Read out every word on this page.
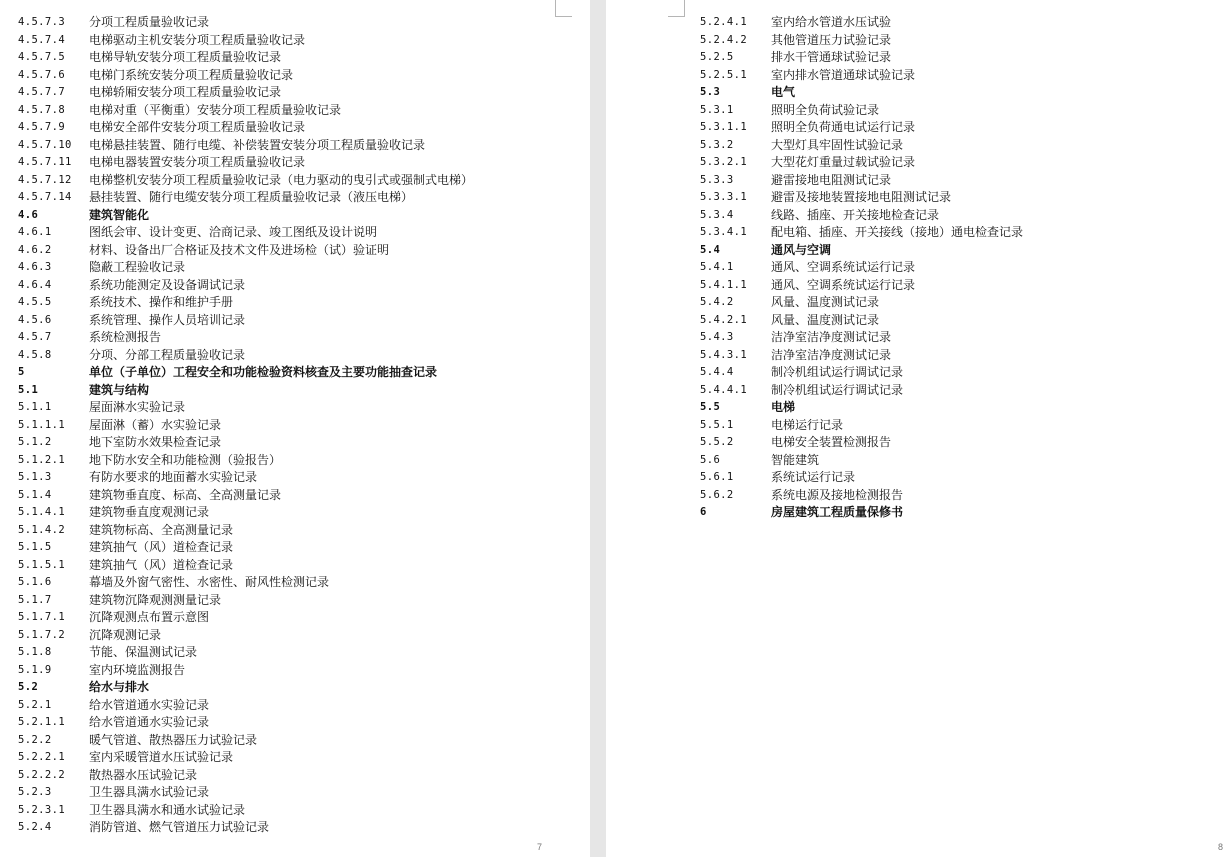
4.5.7.3	分项工程质量验收记录
4.5.7.4	电梯驱动主机安装分项工程质量验收记录
4.5.7.5	电梯导轨安装分项工程质量验收记录
4.5.7.6	电梯门系统安装分项工程质量验收记录
4.5.7.7	电梯轿厢安装分项工程质量验收记录
4.5.7.8	电梯对重（平衡重）安装分项工程质量验收记录
4.5.7.9	电梯安全部件安装分项工程质量验收记录
4.5.7.10	电梯悬挂装置、随行电缆、补偿装置安装分项工程质量验收记录
4.5.7.11	电梯电器装置安装分项工程质量验收记录
4.5.7.12	电梯整机安装分项工程质量验收记录（电力驱动的曳引式或强制式电梯）
4.5.7.14	悬挂装置、随行电缆安装分项工程质量验收记录（液压电梯）
4.6	建筑智能化
4.6.1	图纸会审、设计变更、洽商记录、竣工图纸及设计说明
4.6.2	材料、设备出厂合格证及技术文件及进场检（试）验证明
4.6.3	隐蔽工程验收记录
4.6.4	系统功能测定及设备调试记录
4.5.5	系统技术、操作和维护手册
4.5.6	系统管理、操作人员培训记录
4.5.7	系统检测报告
4.5.8	分项、分部工程质量验收记录
5	单位（子单位）工程安全和功能检验资料核查及主要功能抽查记录
5.1	建筑与结构
5.1.1	屋面淋水实验记录
5.1.1.1	屋面淋（蓄）水实验记录
5.1.2	地下室防水效果检查记录
5.1.2.1	地下防水安全和功能检测（验报告）
5.1.3	有防水要求的地面蓄水实验记录
5.1.4	建筑物垂直度、标高、全高测量记录
5.1.4.1	建筑物垂直度观测记录
5.1.4.2	建筑物标高、全高测量记录
5.1.5	建筑抽气（风）道检查记录
5.1.5.1	建筑抽气（风）道检查记录
5.1.6	幕墙及外窗气密性、水密性、耐风性检测记录
5.1.7	建筑物沉降观测测量记录
5.1.7.1	沉降观测点布置示意图
5.1.7.2	沉降观测记录
5.1.8	节能、保温测试记录
5.1.9	室内环境监测报告
5.2	给水与排水
5.2.1	给水管道通水实验记录
5.2.1.1	给水管道通水实验记录
5.2.2	暖气管道、散热器压力试验记录
5.2.2.1	室内采暖管道水压试验记录
5.2.2.2	散热器水压试验记录
5.2.3	卫生器具满水试验记录
5.2.3.1	卫生器具满水和通水试验记录
5.2.4	消防管道、燃气管道压力试验记录
7
5.2.4.1	室内给水管道水压试验
5.2.4.2	其他管道压力试验记录
5.2.5	排水干管通球试验记录
5.2.5.1	室内排水管道通球试验记录
5.3	电气
5.3.1	照明全负荷试验记录
5.3.1.1	照明全负荷通电试运行记录
5.3.2	大型灯具牢固性试验记录
5.3.2.1	大型花灯重量过载试验记录
5.3.3	避雷接地电阻测试记录
5.3.3.1	避雷及接地装置接地电阻测试记录
5.3.4	线路、插座、开关接地检查记录
5.3.4.1	配电箱、插座、开关接线（接地）通电检查记录
5.4	通风与空调
5.4.1	通风、空调系统试运行记录
5.4.1.1	通风、空调系统试运行记录
5.4.2	风量、温度测试记录
5.4.2.1	风量、温度测试记录
5.4.3	洁净室洁净度测试记录
5.4.3.1	洁净室洁净度测试记录
5.4.4	制冷机组试运行调试记录
5.4.4.1	制冷机组试运行调试记录
5.5	电梯
5.5.1	电梯运行记录
5.5.2	电梯安全装置检测报告
5.6	智能建筑
5.6.1	系统试运行记录
5.6.2	系统电源及接地检测报告
6	房屋建筑工程质量保修书
8
